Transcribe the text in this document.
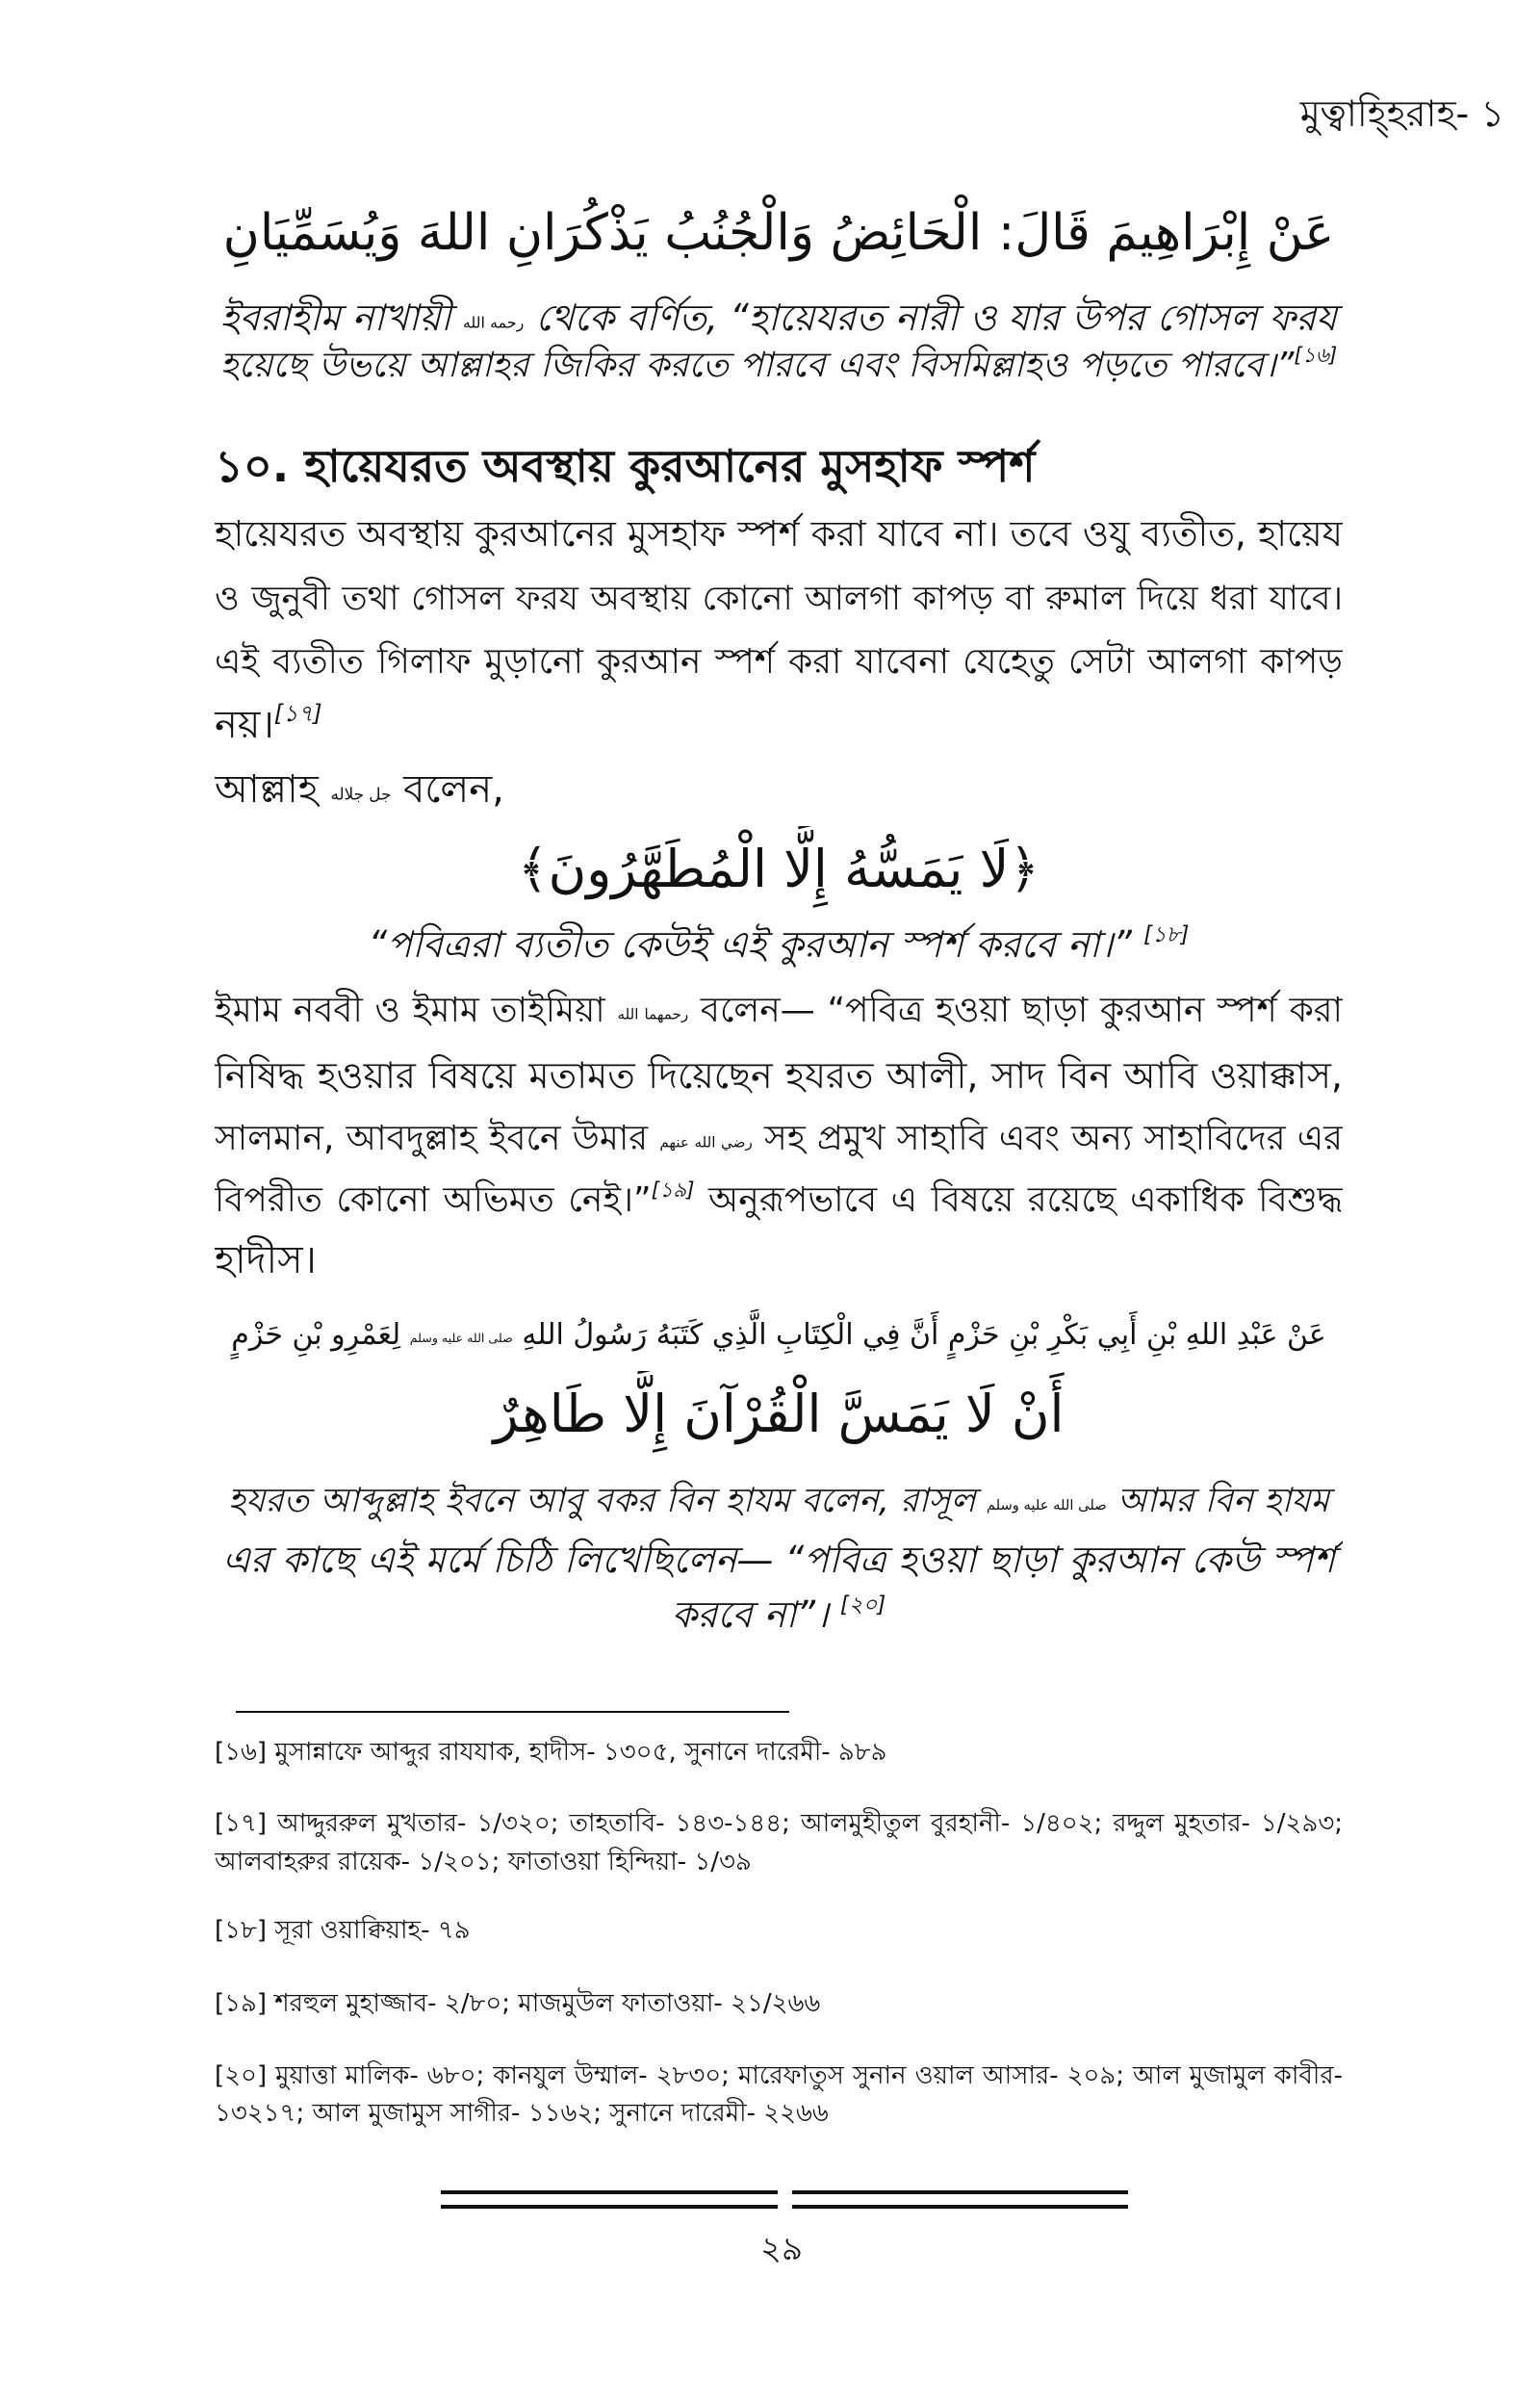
মুত্বাহ্হিরাহ- ১
عَنْ إِبْرَاهِيمَ قَالَ: الْحَائِضُ وَالْجُنُبُ يَذْكُرَانِ اللهَ وَيُسَمِّيَانِ
ইবরাহীম নাখায়ী رحمه الله থেকে বর্ণিত, “হায়েযরত নারী ও যার উপর গোসল ফরয
হয়েছে উভয়ে আল্লাহর জিকির করতে পারবে এবং বিসমিল্লাহও পড়তে পারবে।”[১৬]
১০. হায়েযরত অবস্থায় কুরআনের মুসহাফ স্পর্শ
হায়েযরত অবস্থায় কুরআনের মুসহাফ স্পর্শ করা যাবে না। তবে ওযু ব্যতীত, হায়েয
ও জুনুবী তথা গোসল ফরয অবস্থায় কোনো আলগা কাপড় বা রুমাল দিয়ে ধরা যাবে।
এই ব্যতীত গিলাফ মুড়ানো কুরআন স্পর্শ করা যাবেনা যেহেতু সেটা আলগা কাপড়
নয়।[১৭]
আল্লাহ جل جلاله বলেন,
﴿لَا يَمَسُّهُ إِلَّا الْمُطَهَّرُونَ﴾
“পবিত্ররা ব্যতীত কেউই এই কুরআন স্পর্শ করবে না।” [১৮]
ইমাম নববী ও ইমাম তাইমিয়া رحمهما الله বলেন— “পবিত্র হওয়া ছাড়া কুরআন স্পর্শ করা
নিষিদ্ধ হওয়ার বিষয়ে মতামত দিয়েছেন হযরত আলী, সাদ বিন আবি ওয়াক্কাস,
সালমান, আবদুল্লাহ ইবনে উমার رضي الله عنهم সহ প্রমুখ সাহাবি এবং অন্য সাহাবিদের এর
বিপরীত কোনো অভিমত নেই।”[১৯] অনুরূপভাবে এ বিষয়ে রয়েছে একাধিক বিশুদ্ধ
হাদীস।
عَنْ عَبْدِ اللهِ بْنِ أَبِي بَكْرِ بْنِ حَزْمٍ أَنَّ فِي الْكِتَابِ الَّذِي كَتَبَهُ رَسُولُ اللهِ صلى الله عليه وسلم لِعَمْرِو بْنِ حَزْمٍ
أَنْ لَا يَمَسَّ الْقُرْآنَ إِلَّا طَاهِرٌ
হযরত আব্দুল্লাহ ইবনে আবু বকর বিন হাযম বলেন, রাসূল صلى الله عليه وسلم আমর বিন হাযম
এর কাছে এই মর্মে চিঠি লিখেছিলেন— “পবিত্র হওয়া ছাড়া কুরআন কেউ স্পর্শ
করবে না”। [২০]
[১৬] মুসান্নাফে আব্দুর রাযযাক, হাদীস- ১৩০৫, সুনানে দারেমী- ৯৮৯
[১৭] আদ্দুররুল মুখতার- ১/৩২০; তাহতাবি- ১৪৩-১৪৪; আলমুহীতুল বুরহানী- ১/৪০২; রদ্দুল মুহতার- ১/২৯৩;
আলবাহরুর রায়েক- ১/২০১; ফাতাওয়া হিন্দিয়া- ১/৩৯
[১৮] সূরা ওয়াক্বিয়াহ- ৭৯
[১৯] শরহুল মুহাজ্জাব- ২/৮০; মাজমুউল ফাতাওয়া- ২১/২৬৬
[২০] মুয়াত্তা মালিক- ৬৮০; কানযুল উম্মাল- ২৮৩০; মারেফাতুস সুনান ওয়াল আসার- ২০৯; আল মুজামুল কাবীর-
১৩২১৭; আল মুজামুস সাগীর- ১১৬২; সুনানে দারেমী- ২২৬৬
২৯
